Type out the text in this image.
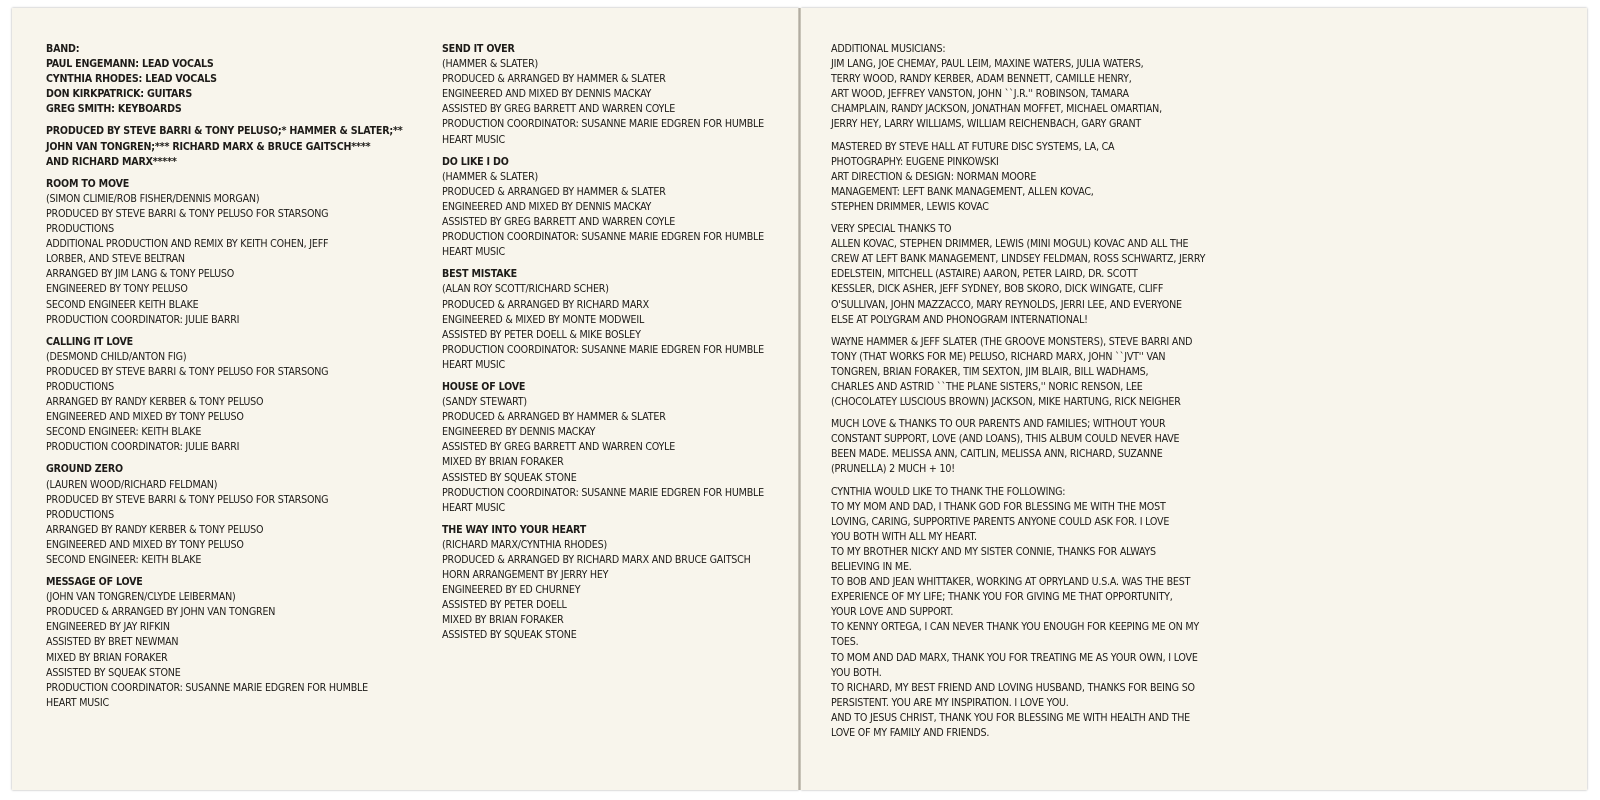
BAND:
PAUL ENGEMANN: LEAD VOCALS
CYNTHIA RHODES: LEAD VOCALS
DON KIRKPATRICK: GUITARS
GREG SMITH: KEYBOARDS
PRODUCED BY STEVE BARRI & TONY PELUSO;* HAMMER & SLATER;**
JOHN VAN TONGREN;*** RICHARD MARX & BRUCE GAITSCH****
AND RICHARD MARX*****
ROOM TO MOVE
(SIMON CLIMIE/ROB FISHER/DENNIS MORGAN)
PRODUCED BY STEVE BARRI & TONY PELUSO FOR STARSONG
PRODUCTIONS
ADDITIONAL PRODUCTION AND REMIX BY KEITH COHEN, JEFF
LORBER, AND STEVE BELTRAN
ARRANGED BY JIM LANG & TONY PELUSO
ENGINEERED BY TONY PELUSO
SECOND ENGINEER KEITH BLAKE
PRODUCTION COORDINATOR: JULIE BARRI
CALLING IT LOVE
(DESMOND CHILD/ANTON FIG)
PRODUCED BY STEVE BARRI & TONY PELUSO FOR STARSONG
PRODUCTIONS
ARRANGED BY RANDY KERBER & TONY PELUSO
ENGINEERED AND MIXED BY TONY PELUSO
SECOND ENGINEER: KEITH BLAKE
PRODUCTION COORDINATOR: JULIE BARRI
GROUND ZERO
(LAUREN WOOD/RICHARD FELDMAN)
PRODUCED BY STEVE BARRI & TONY PELUSO FOR STARSONG
PRODUCTIONS
ARRANGED BY RANDY KERBER & TONY PELUSO
ENGINEERED AND MIXED BY TONY PELUSO
SECOND ENGINEER: KEITH BLAKE
MESSAGE OF LOVE
(JOHN VAN TONGREN/CLYDE LEIBERMAN)
PRODUCED & ARRANGED BY JOHN VAN TONGREN
ENGINEERED BY JAY RIFKIN
ASSISTED BY BRET NEWMAN
MIXED BY BRIAN FORAKER
ASSISTED BY SQUEAK STONE
PRODUCTION COORDINATOR: SUSANNE MARIE EDGREN FOR HUMBLE
HEART MUSIC
SEND IT OVER
(HAMMER & SLATER)
PRODUCED & ARRANGED BY HAMMER & SLATER
ENGINEERED AND MIXED BY DENNIS MACKAY
ASSISTED BY GREG BARRETT AND WARREN COYLE
PRODUCTION COORDINATOR: SUSANNE MARIE EDGREN FOR HUMBLE
HEART MUSIC
DO LIKE I DO
(HAMMER & SLATER)
PRODUCED & ARRANGED BY HAMMER & SLATER
ENGINEERED AND MIXED BY DENNIS MACKAY
ASSISTED BY GREG BARRETT AND WARREN COYLE
PRODUCTION COORDINATOR: SUSANNE MARIE EDGREN FOR HUMBLE
HEART MUSIC
BEST MISTAKE
(ALAN ROY SCOTT/RICHARD SCHER)
PRODUCED & ARRANGED BY RICHARD MARX
ENGINEERED & MIXED BY MONTE MODWEIL
ASSISTED BY PETER DOELL & MIKE BOSLEY
PRODUCTION COORDINATOR: SUSANNE MARIE EDGREN FOR HUMBLE
HEART MUSIC
HOUSE OF LOVE
(SANDY STEWART)
PRODUCED & ARRANGED BY HAMMER & SLATER
ENGINEERED BY DENNIS MACKAY
ASSISTED BY GREG BARRETT AND WARREN COYLE
MIXED BY BRIAN FORAKER
ASSISTED BY SQUEAK STONE
PRODUCTION COORDINATOR: SUSANNE MARIE EDGREN FOR HUMBLE
HEART MUSIC
THE WAY INTO YOUR HEART
(RICHARD MARX/CYNTHIA RHODES)
PRODUCED & ARRANGED BY RICHARD MARX AND BRUCE GAITSCH
HORN ARRANGEMENT BY JERRY HEY
ENGINEERED BY ED CHURNEY
ASSISTED BY PETER DOELL
MIXED BY BRIAN FORAKER
ASSISTED BY SQUEAK STONE
ADDITIONAL MUSICIANS:
JIM LANG, JOE CHEMAY, PAUL LEIM, MAXINE WATERS, JULIA WATERS,
TERRY WOOD, RANDY KERBER, ADAM BENNETT, CAMILLE HENRY,
ART WOOD, JEFFREY VANSTON, JOHN ``J.R.'' ROBINSON, TAMARA
CHAMPLAIN, RANDY JACKSON, JONATHAN MOFFET, MICHAEL OMARTIAN,
JERRY HEY, LARRY WILLIAMS, WILLIAM REICHENBACH, GARY GRANT
MASTERED BY STEVE HALL AT FUTURE DISC SYSTEMS, LA, CA
PHOTOGRAPHY: EUGENE PINKOWSKI
ART DIRECTION & DESIGN: NORMAN MOORE
MANAGEMENT: LEFT BANK MANAGEMENT, ALLEN KOVAC,
STEPHEN DRIMMER, LEWIS KOVAC
VERY SPECIAL THANKS TO
ALLEN KOVAC, STEPHEN DRIMMER, LEWIS (MINI MOGUL) KOVAC AND ALL THE
CREW AT LEFT BANK MANAGEMENT, LINDSEY FELDMAN, ROSS SCHWARTZ, JERRY
EDELSTEIN, MITCHELL (ASTAIRE) AARON, PETER LAIRD, DR. SCOTT
KESSLER, DICK ASHER, JEFF SYDNEY, BOB SKORO, DICK WINGATE, CLIFF
O'SULLIVAN, JOHN MAZZACCO, MARY REYNOLDS, JERRI LEE, AND EVERYONE
ELSE AT POLYGRAM AND PHONOGRAM INTERNATIONAL!
WAYNE HAMMER & JEFF SLATER (THE GROOVE MONSTERS), STEVE BARRI AND
TONY (THAT WORKS FOR ME) PELUSO, RICHARD MARX, JOHN ``JVT'' VAN
TONGREN, BRIAN FORAKER, TIM SEXTON, JIM BLAIR, BILL WADHAMS,
CHARLES AND ASTRID ``THE PLANE SISTERS,'' NORIC RENSON, LEE
(CHOCOLATEY LUSCIOUS BROWN) JACKSON, MIKE HARTUNG, RICK NEIGHER
MUCH LOVE & THANKS TO OUR PARENTS AND FAMILIES; WITHOUT YOUR
CONSTANT SUPPORT, LOVE (AND LOANS), THIS ALBUM COULD NEVER HAVE
BEEN MADE. MELISSA ANN, CAITLIN, MELISSA ANN, RICHARD, SUZANNE
(PRUNELLA) 2 MUCH + 10!
CYNTHIA WOULD LIKE TO THANK THE FOLLOWING:
TO MY MOM AND DAD, I THANK GOD FOR BLESSING ME WITH THE MOST
LOVING, CARING, SUPPORTIVE PARENTS ANYONE COULD ASK FOR. I LOVE
YOU BOTH WITH ALL MY HEART.
TO MY BROTHER NICKY AND MY SISTER CONNIE, THANKS FOR ALWAYS
BELIEVING IN ME.
TO BOB AND JEAN WHITTAKER, WORKING AT OPRYLAND U.S.A. WAS THE BEST
EXPERIENCE OF MY LIFE; THANK YOU FOR GIVING ME THAT OPPORTUNITY,
YOUR LOVE AND SUPPORT.
TO KENNY ORTEGA, I CAN NEVER THANK YOU ENOUGH FOR KEEPING ME ON MY
TOES.
TO MOM AND DAD MARX, THANK YOU FOR TREATING ME AS YOUR OWN, I LOVE
YOU BOTH.
TO RICHARD, MY BEST FRIEND AND LOVING HUSBAND, THANKS FOR BEING SO
PERSISTENT. YOU ARE MY INSPIRATION. I LOVE YOU.
AND TO JESUS CHRIST, THANK YOU FOR BLESSING ME WITH HEALTH AND THE
LOVE OF MY FAMILY AND FRIENDS.
